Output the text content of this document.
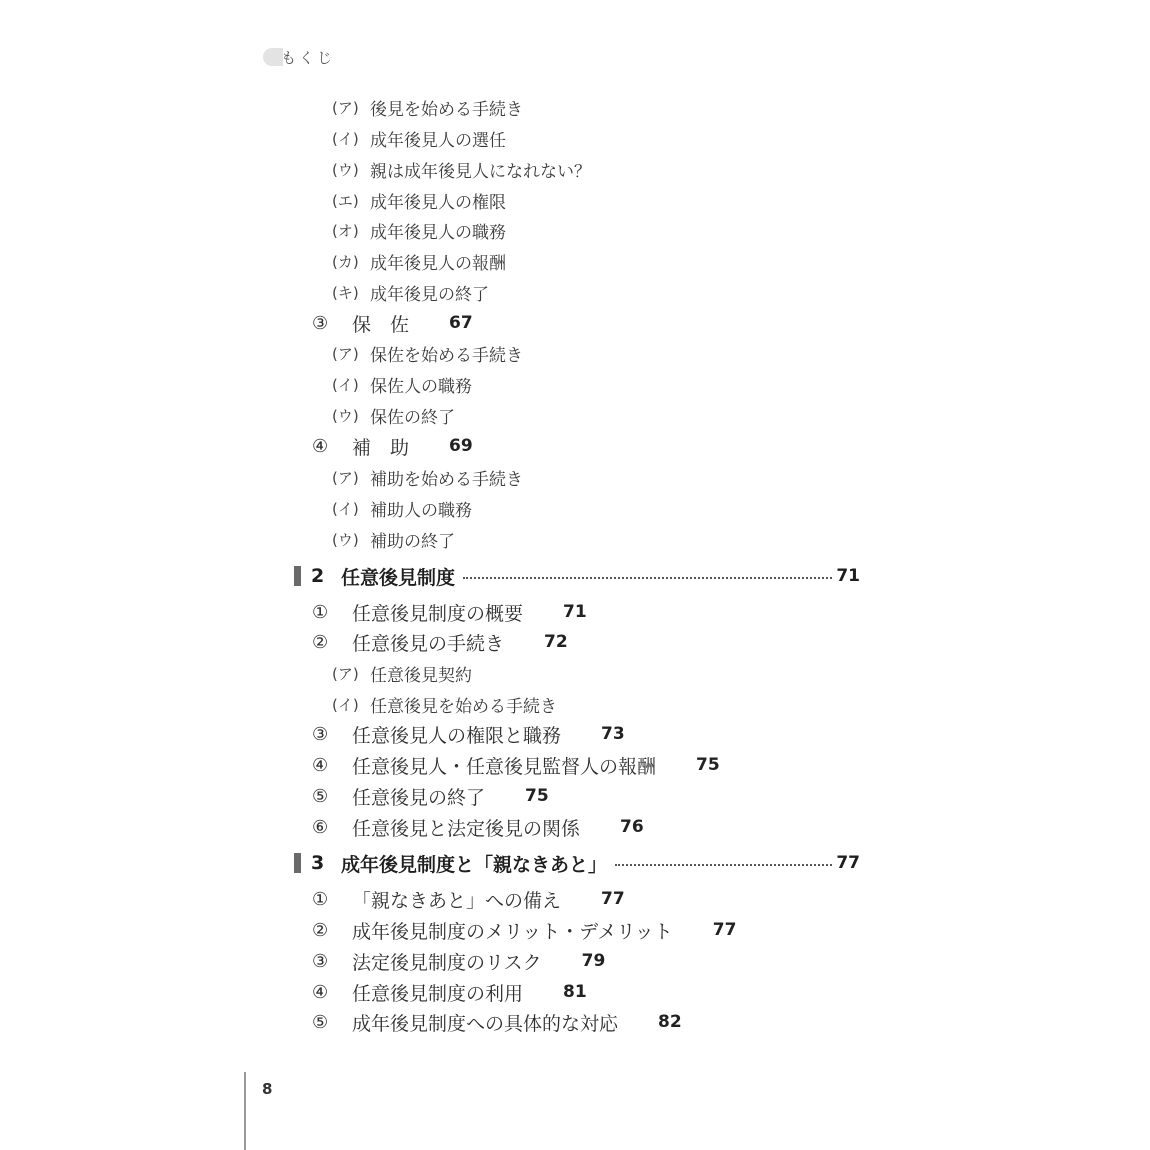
もくじ
(ア) 後見を始める手続き
(イ) 成年後見人の選任
(ウ) 親は成年後見人になれない？
(エ) 成年後見人の権限
(オ) 成年後見人の職務
(カ) 成年後見人の報酬
(キ) 成年後見の終了
③	保　佐 67
(ア) 保佐を始める手続き
(イ) 保佐人の職務
(ウ) 保佐の終了
④	補　助 69
(ア) 補助を始める手続き
(イ) 補助人の職務
(ウ) 補助の終了
2 任意後見制度	71
①	任意後見制度の概要 71
②	任意後見の手続き 72
(ア) 任意後見契約
(イ) 任意後見を始める手続き
③	任意後見人の権限と職務 73
④	任意後見人・任意後見監督人の報酬 75
⑤	任意後見の終了 75
⑥	任意後見と法定後見の関係 76
3 成年後見制度と「親なきあと」	77
①	「親なきあと」への備え 77
②	成年後見制度のメリット・デメリット 77
③	法定後見制度のリスク 79
④	任意後見制度の利用 81
⑤	成年後見制度への具体的な対応 82
8
